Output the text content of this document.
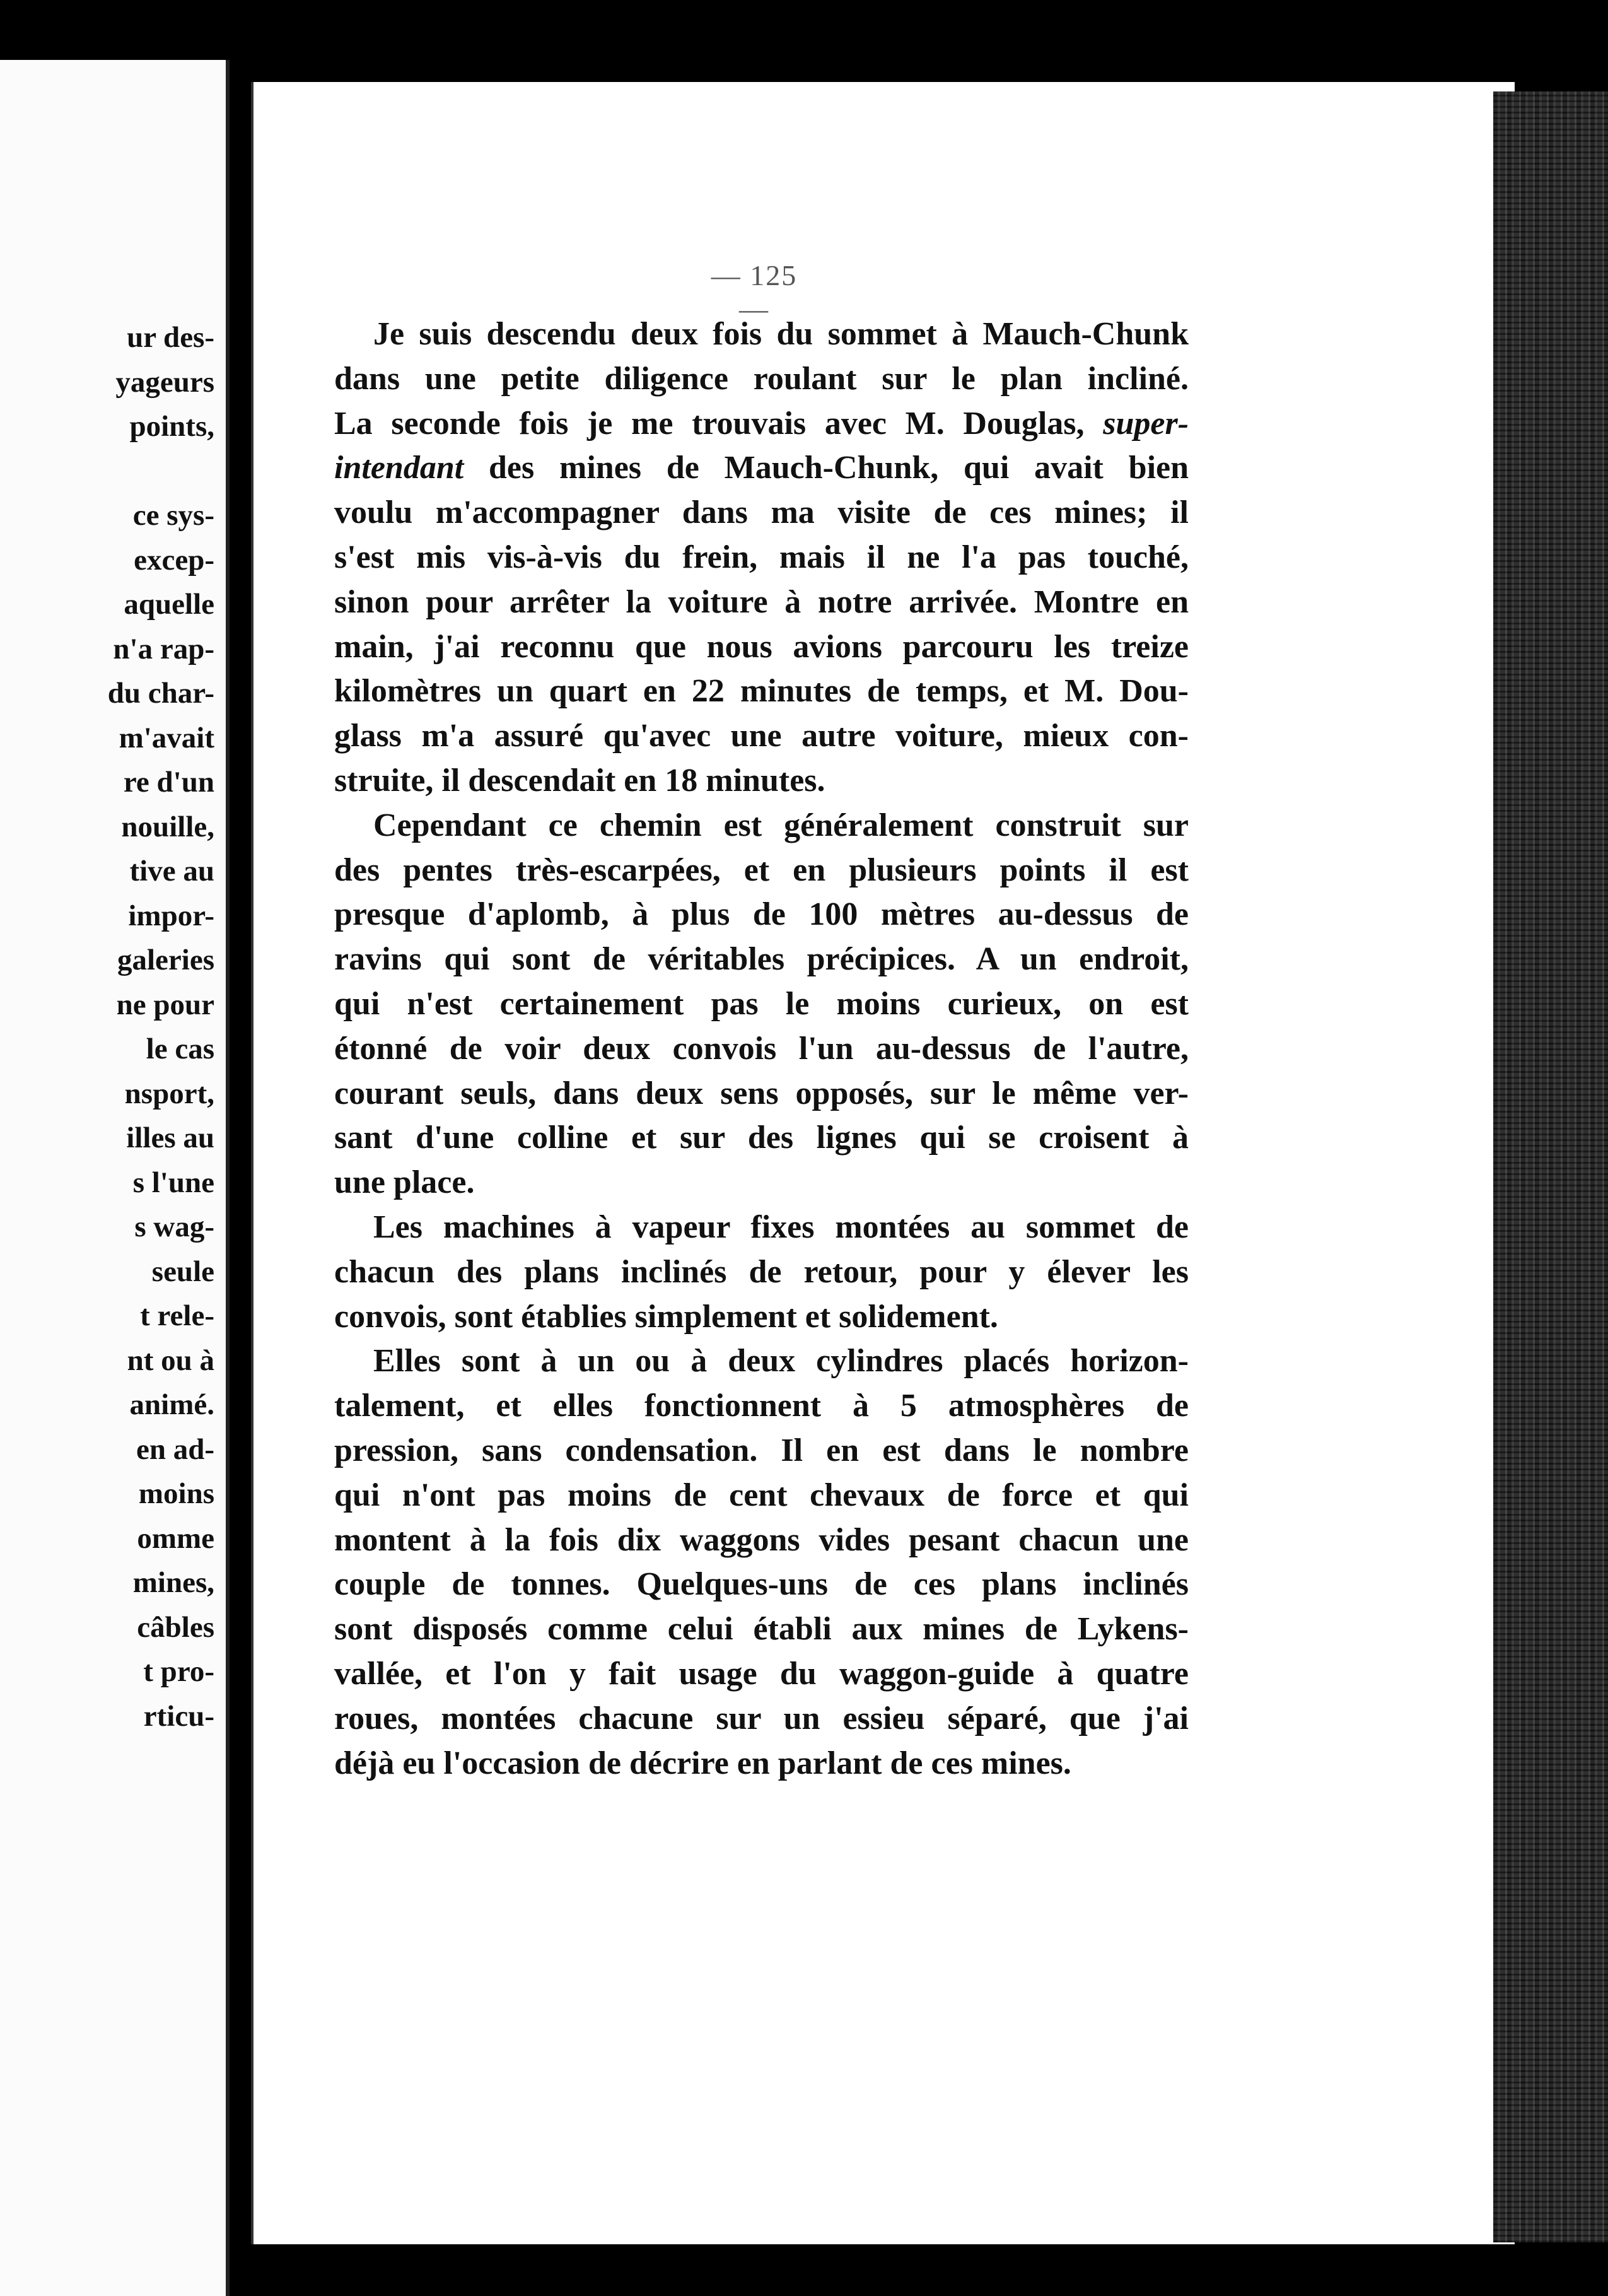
ur des-
yageurs
points,
ce sys-
excep-
aquelle
n'a rap-
du char-
m'avait
re d'un
nouille,
tive au
impor-
galeries
ne pour
le cas
nsport,
illes au
s l'une
s wag-
seule
t rele-
nt ou à
animé.
en ad-
moins
omme
mines,
câbles
t pro-
rticu-
— 125 —
Je suis descendu deux fois du sommet à Mauch-Chunk
dans une petite diligence roulant sur le plan incliné.
La seconde fois je me trouvais avec M. Douglas, super-
intendant des mines de Mauch-Chunk, qui avait bien
voulu m'accompagner dans ma visite de ces mines; il
s'est mis vis-à-vis du frein, mais il ne l'a pas touché,
sinon pour arrêter la voiture à notre arrivée. Montre en
main, j'ai reconnu que nous avions parcouru les treize
kilomètres un quart en 22 minutes de temps, et M. Dou-
glass m'a assuré qu'avec une autre voiture, mieux con-
struite, il descendait en 18 minutes.
Cependant ce chemin est généralement construit sur
des pentes très-escarpées, et en plusieurs points il est
presque d'aplomb, à plus de 100 mètres au-dessus de
ravins qui sont de véritables précipices. A un endroit,
qui n'est certainement pas le moins curieux, on est
étonné de voir deux convois l'un au-dessus de l'autre,
courant seuls, dans deux sens opposés, sur le même ver-
sant d'une colline et sur des lignes qui se croisent à
une place.
Les machines à vapeur fixes montées au sommet de
chacun des plans inclinés de retour, pour y élever les
convois, sont établies simplement et solidement.
Elles sont à un ou à deux cylindres placés horizon-
talement, et elles fonctionnent à 5 atmosphères de
pression, sans condensation. Il en est dans le nombre
qui n'ont pas moins de cent chevaux de force et qui
montent à la fois dix waggons vides pesant chacun une
couple de tonnes. Quelques-uns de ces plans inclinés
sont disposés comme celui établi aux mines de Lykens-
vallée, et l'on y fait usage du waggon-guide à quatre
roues, montées chacune sur un essieu séparé, que j'ai
déjà eu l'occasion de décrire en parlant de ces mines.
